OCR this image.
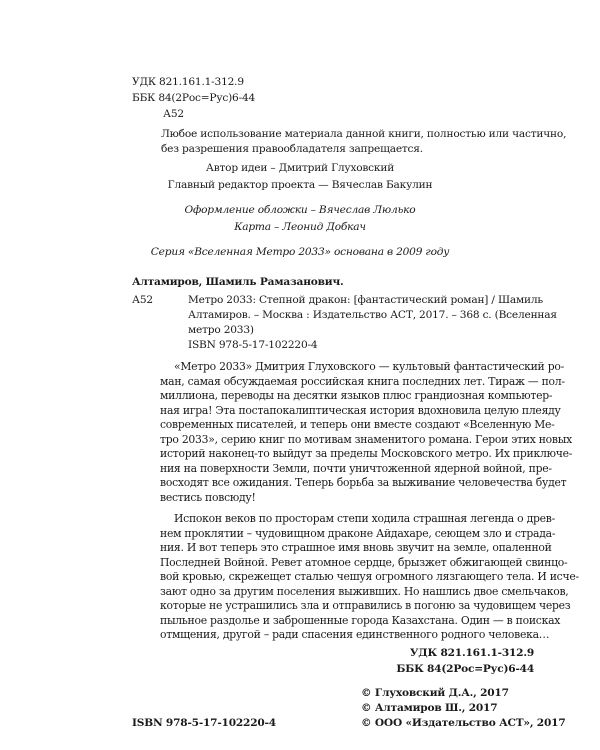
УДК 821.161.1-312.9
ББК 84(2Рос=Рус)6-44
А52
Любое использование материала данной книги, полностью или частично,
без разрешения правообладателя запрещается.
Автор идеи – Дмитрий Глуховский
Главный редактор проекта — Вячеслав Бакулин
Оформление обложки – Вячеслав Люлько
Карта – Леонид Добкач
Серия «Вселенная Метро 2033» основана в 2009 году
Алтамиров, Шамиль Рамазанович.
А52	Метро 2033: Степной дракон: [фантастический роман] / Шамиль
Алтамиров. – Москва : Издательство АСТ, 2017. – 368 с. (Вселенная
метро 2033)
ISBN 978-5-17-102220-4
«Метро 2033» Дмитрия Глуховского — культовый фантастический ро-
ман, самая обсуждаемая российская книга последних лет. Тираж — пол-
миллиона, переводы на десятки языков плюс грандиозная компьютер-
ная игра! Эта постапокалиптическая история вдохновила целую плеяду
современных писателей, и теперь они вместе создают «Вселенную Ме-
тро 2033», серию книг по мотивам знаменитого романа. Герои этих новых
историй наконец-то выйдут за пределы Московского метро. Их приключе-
ния на поверхности Земли, почти уничтоженной ядерной войной, пре-
восходят все ожидания. Теперь борьба за выживание человечества будет
вестись повсюду!
Испокон веков по просторам степи ходила страшная легенда о древ-
нем проклятии – чудовищном драконе Айдахаре, сеющем зло и страда-
ния. И вот теперь это страшное имя вновь звучит на земле, опаленной
Последней Войной. Ревет атомное сердце, брызжет обжигающей свинцо-
вой кровью, скрежещет сталью чешуя огромного лязгающего тела. И исче-
зают одно за другим поселения выживших. Но нашлись двое смельчаков,
которые не устрашились зла и отправились в погоню за чудовищем через
пыльное раздолье и заброшенные города Казахстана. Один — в поисках
отмщения, другой – ради спасения единственного родного человека…
УДК 821.161.1-312.9
ББК 84(2Рос=Рус)6-44
© Глуховский Д.А., 2017
© Алтамиров Ш., 2017
© ООО «Издательство АСТ», 2017
ISBN 978-5-17-102220-4
